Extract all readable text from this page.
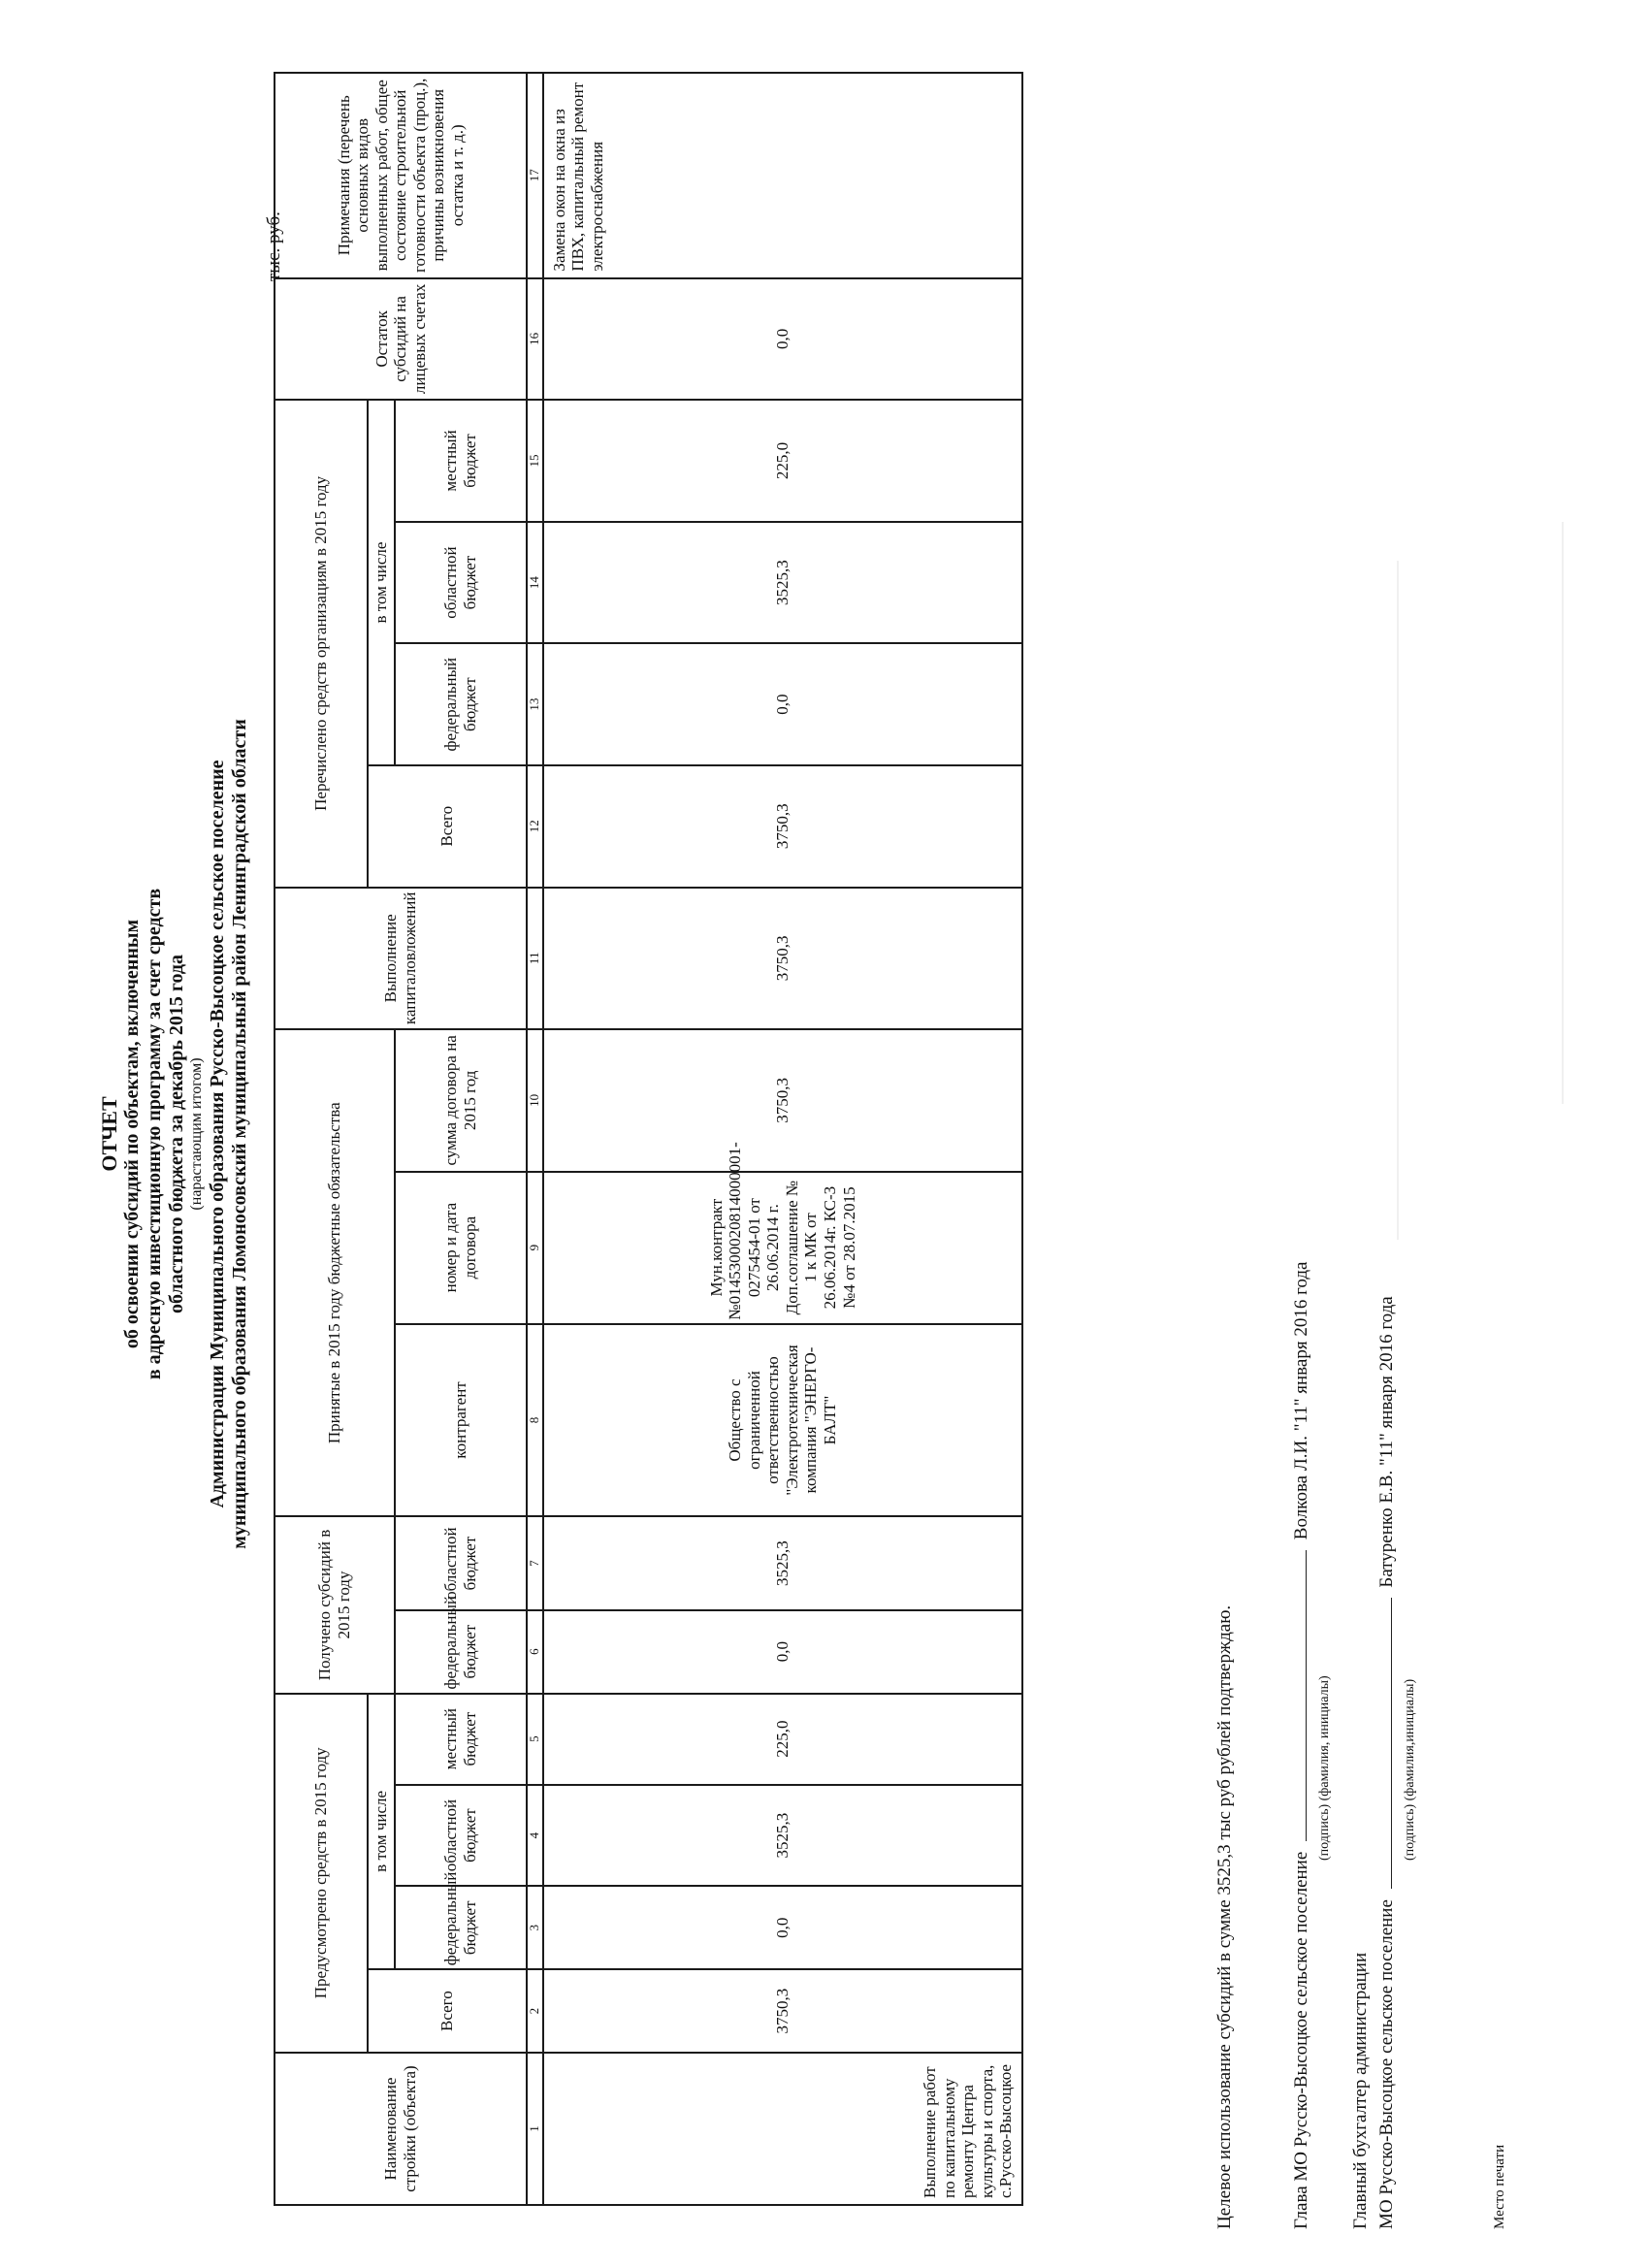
ОТЧЕТ об освоении субсидий по объектам, включенным в адресную инвестиционную программу за счет средств областного бюджета за декабрь 2015 года (нарастающим итогом) Администрации Муниципального образования Русско-Высоцкое сельское поселение муниципального образования Ломоносовский муниципальный район Ленинградской области
тыс. руб.
Наименование стройки (объекта)	Предусмотрено средств в 2015 году				Получено субсидий в 2015 году		Принятые в 2015 году бюджетные обязательства			Выполнение капиталовложений	Перечислено средств организациям в 2015 году				Остаток субсидий на лицевых счетах	Примечания (перечень основных видов выполненных работ, общее состояние строительной готовности объекта (проц.), причины возникновения остатка и т. д.)
	Всего	в том числе									Всего	в том числе				
		федеральный бюджет	областной бюджет	местный бюджет	федеральный бюджет	областной бюджет	контрагент	номер и дата договора	сумма договора на 2015 год			федеральный бюджет	областной бюджет	местный бюджет		
1	2	3	4	5	6	7	8	9	10	11	12	13	14	15	16	17
Выполнение работ по капитальному ремонту Центра культуры и спорта, с.Русско-Высоцкое	3750,3	0,0	3525,3	225,0	0,0	3525,3	Общество с ограниченной ответственностью "Электротехническая компания "ЭНЕРГО-БАЛТ"	Мун.контракт №0145300020814000001-0275454-01 от 26.06.2014 г. Доп.соглашение № 1 к МК от 26.06.2014г. КС-3 №4 от 28.07.2015	3750,3	3750,3	3750,3	0,0	3525,3	225,0	0,0	Замена окон на окна из ПВХ, капитальный ремонт электроснабжения
Целевое использование субсидий в сумме 3525,3 тыс руб рублей подтверждаю.	Глава МО Русско-Высоцкое сельское поселение  Волкова Л.И. "11" января 2016 года
(подпись) (фамилия, инициалы)
Главный бухгалтер администрации МО Русско-Высоцкое сельское поселение  Батуренко Е.В. "11" января 2016 года
(подпись) (фамилия,инициалы)
Место печати
